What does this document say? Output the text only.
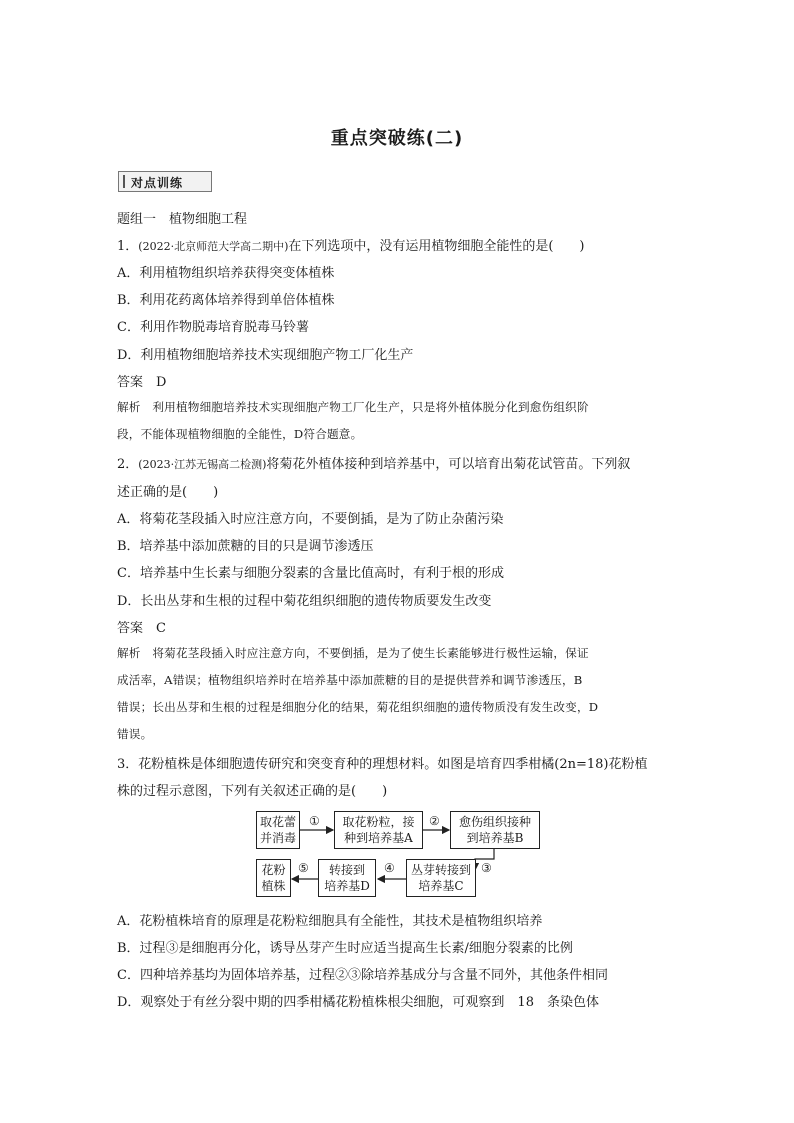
重点突破练(二)
对点训练
题组一　植物细胞工程
1．(2022·北京师范大学高二期中)在下列选项中，没有运用植物细胞全能性的是(　　)
A．利用植物组织培养获得突变体植株
B．利用花药离体培养得到单倍体植株
C．利用作物脱毒培育脱毒马铃薯
D．利用植物细胞培养技术实现细胞产物工厂化生产
答案　 D
解析　 利用植物细胞培养技术实现细胞产物工厂化生产，只是将外植体脱分化到愈伤组织阶
段，不能体现植物细胞的全能性，D符合题意。
2．(2023·江苏无锡高二检测)将菊花外植体接种到培养基中，可以培育出菊花试管苗。下列叙
述正确的是(　　)
A．将菊花茎段插入时应注意方向，不要倒插，是为了防止杂菌污染
B．培养基中添加蔗糖的目的只是调节渗透压
C．培养基中生长素与细胞分裂素的含量比值高时，有利于根的形成
D．长出丛芽和生根的过程中菊花组织细胞的遗传物质要发生改变
答案　 C
解析　 将菊花茎段插入时应注意方向，不要倒插，是为了使生长素能够进行极性运输，保证
成活率，A错误；植物组织培养时在培养基中添加蔗糖的目的是提供营养和调节渗透压，B
错误；长出丛芽和生根的过程是细胞分化的结果，菊花组织细胞的遗传物质没有发生改变，D
错误。
3．花粉植株是体细胞遗传研究和突变育种的理想材料。如图是培育四季柑橘(2n=18)花粉植
株的过程示意图，下列有关叙述正确的是(　　)
取花蕾
并消毒
取花粉粒，接
种到培养基A
愈伤组织接种
到培养基B
丛芽转接到
培养基C
转接到
培养基D
花粉
植株
①	②
③
④
⑤
A．花粉植株培育的原理是花粉粒细胞具有全能性，其技术是植物组织培养
B．过程③是细胞再分化，诱导丛芽产生时应适当提高生长素/细胞分裂素的比例
C．四种培养基均为固体培养基，过程②③除培养基成分与含量不同外，其他条件相同
D．观察处于有丝分裂中期的四季柑橘花粉植株根尖细胞，可观察到　18　条染色体
